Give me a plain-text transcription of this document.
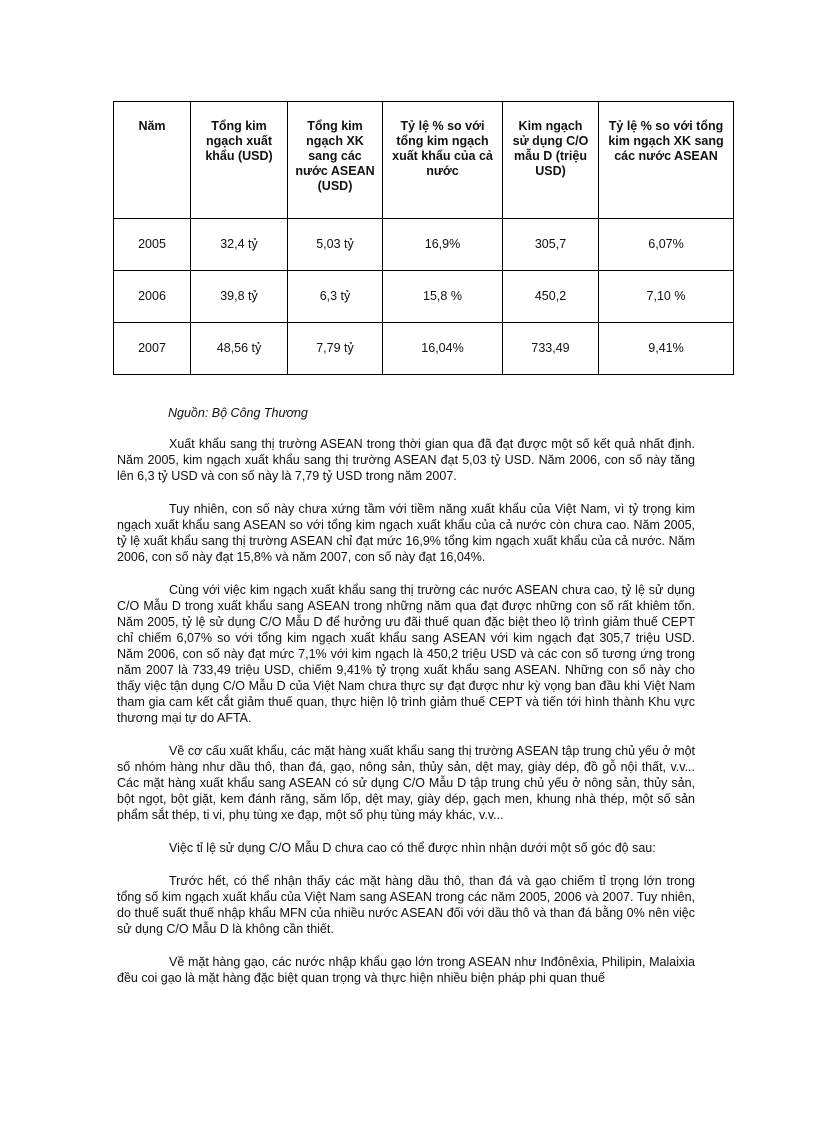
Năm	Tổng kim ngạch xuất khẩu (USD)	Tổng kim ngạch XK sang các nước ASEAN (USD)	Tỷ lệ % so với tổng kim ngạch xuất khẩu của cả nước	Kim ngạch sử dụng C/O mẫu D (triệu USD)	Tỷ lệ % so với tổng kim ngạch XK sang các nước ASEAN
2005	32,4 tỷ	5,03 tỷ	16,9%	305,7	6,07%
2006	39,8 tỷ	6,3 tỷ	15,8 %	450,2	7,10 %
2007	48,56 tỷ	7,79 tỷ	16,04%	733,49	9,41%
Nguồn: Bộ Công Thương

Xuất khẩu sang thị trường ASEAN trong thời gian qua đã đạt được một số kết quả nhất định. Năm 2005, kim ngạch xuất khẩu sang thị trường ASEAN đạt 5,03 tỷ USD. Năm 2006, con số này tăng lên 6,3 tỷ USD và con số này là 7,79 tỷ USD trong năm 2007.

Tuy nhiên, con số này chưa xứng tầm với tiềm năng xuất khẩu của Việt Nam, vì tỷ trọng kim ngạch xuất khẩu sang ASEAN so với tổng kim ngạch xuất khẩu của cả nước còn chưa cao. Năm 2005, tỷ lệ xuất khẩu sang thị trường ASEAN chỉ đạt mức 16,9% tổng kim ngạch xuất khẩu của cả nước. Năm 2006, con số này đạt 15,8% và năm 2007, con số này đạt 16,04%.

Cùng với việc kim ngạch xuất khẩu sang thị trường các nước ASEAN chưa cao, tỷ lệ sử dụng C/O Mẫu D trong xuất khẩu sang ASEAN trong những năm qua đạt được những con số rất khiêm tốn. Năm 2005, tỷ lệ sử dụng C/O Mẫu D để hưởng ưu đãi thuế quan đặc biệt theo lộ trình giảm thuế CEPT chỉ chiếm 6,07% so với tổng kim ngạch xuất khẩu sang ASEAN với kim ngạch đạt 305,7 triệu USD. Năm 2006, con số này đạt mức 7,1% với kim ngạch là 450,2 triệu USD và các con số tương ứng trong năm 2007 là 733,49 triệu USD, chiếm 9,41% tỷ trọng xuất khẩu sang ASEAN. Những con số này cho thấy việc tận dụng C/O Mẫu D của Việt Nam chưa thực sự đạt được như kỳ vọng ban đầu khi Việt Nam tham gia cam kết cắt giảm thuế quan, thực hiện lộ trình giảm thuế CEPT và tiến tới hình thành Khu vực thương mại tự do AFTA.

Về cơ cấu xuất khẩu, các mặt hàng xuất khẩu sang thị trường ASEAN tập trung chủ yếu ở một số nhóm hàng như dầu thô, than đá, gạo, nông sản, thủy sản, dệt may, giày dép, đồ gỗ nội thất, v.v... Các mặt hàng xuất khẩu sang ASEAN có sử dụng C/O Mẫu D tập trung chủ yếu ở nông sản, thủy sản, bột ngọt, bột giặt, kem đánh răng, săm lốp, dệt may, giày dép, gạch men, khung nhà thép, một số sản phẩm sắt thép, ti vi, phụ tùng xe đạp, một số phụ tùng máy khác, v.v...

Việc tỉ lệ sử dụng C/O Mẫu D chưa cao có thể được nhìn nhận dưới một số góc độ sau:

Trước hết, có thể nhận thấy các mặt hàng dầu thô, than đá và gạo chiếm tỉ trọng lớn trong tổng số kim ngạch xuất khẩu của Việt Nam sang ASEAN trong các năm 2005, 2006 và 2007. Tuy nhiên, do thuế suất thuế nhập khẩu MFN của nhiều nước ASEAN đối với dầu thô và than đá bằng 0% nên việc sử dụng C/O Mẫu D là không cần thiết.

Về mặt hàng gạo, các nước nhập khẩu gạo lớn trong ASEAN như Inđônêxia, Philipin, Malaixia đều coi gạo là mặt hàng đặc biệt quan trọng và thực hiện nhiều biện pháp phi quan thuế
